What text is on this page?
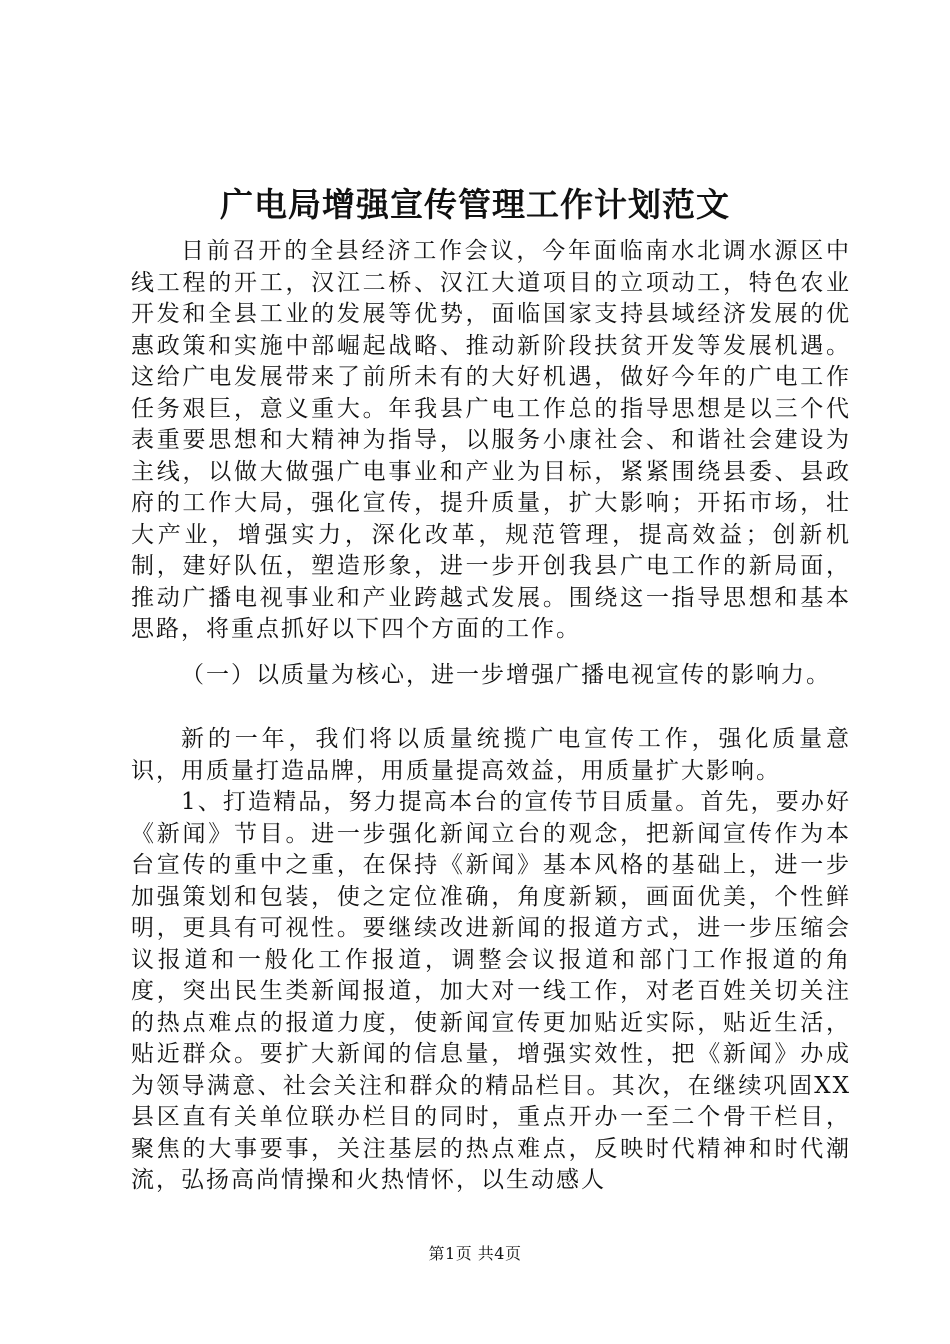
广电局增强宣传管理工作计划范文

日前召开的全县经济工作会议，今年面临南水北调水源区中线工程的开工，汉江二桥、汉江大道项目的立项动工，特色农业开发和全县工业的发展等优势，面临国家支持县域经济发展的优惠政策和实施中部崛起战略、推动新阶段扶贫开发等发展机遇。这给广电发展带来了前所未有的大好机遇，做好今年的广电工作任务艰巨，意义重大。年我县广电工作总的指导思想是以三个代表重要思想和大精神为指导，以服务小康社会、和谐社会建设为主线，以做大做强广电事业和产业为目标，紧紧围绕县委、县政府的工作大局，强化宣传，提升质量，扩大影响；开拓市场，壮大产业，增强实力，深化改革，规范管理，提高效益；创新机制，建好队伍，塑造形象，进一步开创我县广电工作的新局面，推动广播电视事业和产业跨越式发展。围绕这一指导思想和基本思路，将重点抓好以下四个方面的工作。

（一）以质量为核心，进一步增强广播电视宣传的影响力。

新的一年，我们将以质量统揽广电宣传工作，强化质量意识，用质量打造品牌，用质量提高效益，用质量扩大影响。

1、打造精品，努力提高本台的宣传节目质量。首先，要办好《新闻》节目。进一步强化新闻立台的观念，把新闻宣传作为本台宣传的重中之重，在保持《新闻》基本风格的基础上，进一步加强策划和包装，使之定位准确，角度新颖，画面优美，个性鲜明，更具有可视性。要继续改进新闻的报道方式，进一步压缩会议报道和一般化工作报道，调整会议报道和部门工作报道的角度，突出民生类新闻报道，加大对一线工作，对老百姓关切关注的热点难点的报道力度，使新闻宣传更加贴近实际，贴近生活，贴近群众。要扩大新闻的信息量，增强实效性，把《新闻》办成为领导满意、社会关注和群众的精品栏目。其次，在继续巩固XX县区直有关单位联办栏目的同时，重点开办一至二个骨干栏目，聚焦的大事要事，关注基层的热点难点，反映时代精神和时代潮流，弘扬高尚情操和火热情怀，以生动感人

第1页 共4页
